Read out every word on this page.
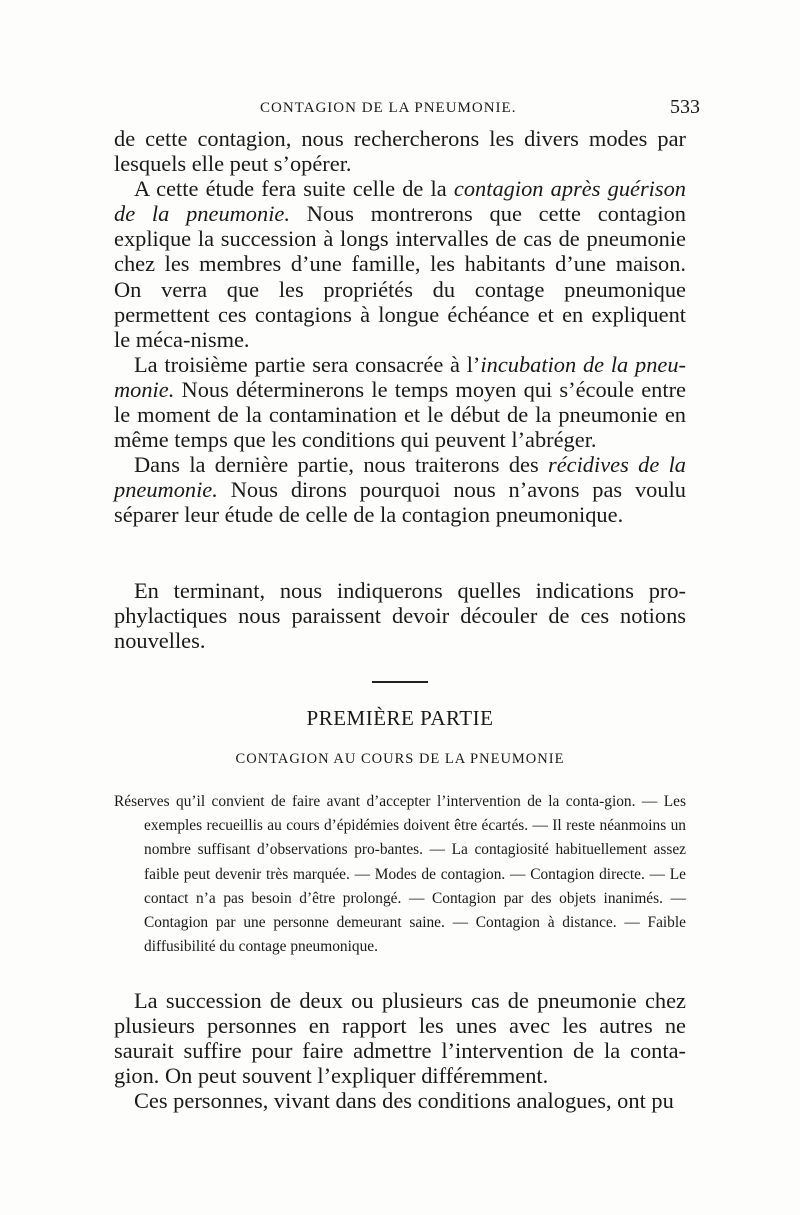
CONTAGION DE LA PNEUMONIE.	533

de cette contagion, nous rechercherons les divers modes par lesquels elle peut s’opérer.

A cette étude fera suite celle de la contagion après guérison de la pneumonie. Nous montrerons que cette contagion explique la succession à longs intervalles de cas de pneumonie chez les membres d’une famille, les habitants d’une maison. On verra que les propriétés du contage pneumonique permettent ces contagions à longue échéance et en expliquent le méca-nisme.

La troisième partie sera consacrée à l’incubation de la pneu-monie. Nous déterminerons le temps moyen qui s’écoule entre le moment de la contamination et le début de la pneumonie en même temps que les conditions qui peuvent l’abréger.

Dans la dernière partie, nous traiterons des récidives de la pneumonie. Nous dirons pourquoi nous n’avons pas voulu séparer leur étude de celle de la contagion pneumonique.

En terminant, nous indiquerons quelles indications pro-phylactiques nous paraissent devoir découler de ces notions nouvelles.

PREMIÈRE PARTIE
CONTAGION AU COURS DE LA PNEUMONIE

Réserves qu’il convient de faire avant d’accepter l’intervention de la conta-gion. — Les exemples recueillis au cours d’épidémies doivent être écartés. — Il reste néanmoins un nombre suffisant d’observations pro-bantes. — La contagiosité habituellement assez faible peut devenir très marquée. — Modes de contagion. — Contagion directe. — Le contact n’a pas besoin d’être prolongé. — Contagion par des objets inanimés. — Contagion par une personne demeurant saine. — Contagion à distance. — Faible diffusibilité du contage pneumonique.

La succession de deux ou plusieurs cas de pneumonie chez plusieurs personnes en rapport les unes avec les autres ne saurait suffire pour faire admettre l’intervention de la conta-gion. On peut souvent l’expliquer différemment.

Ces personnes, vivant dans des conditions analogues, ont pu
